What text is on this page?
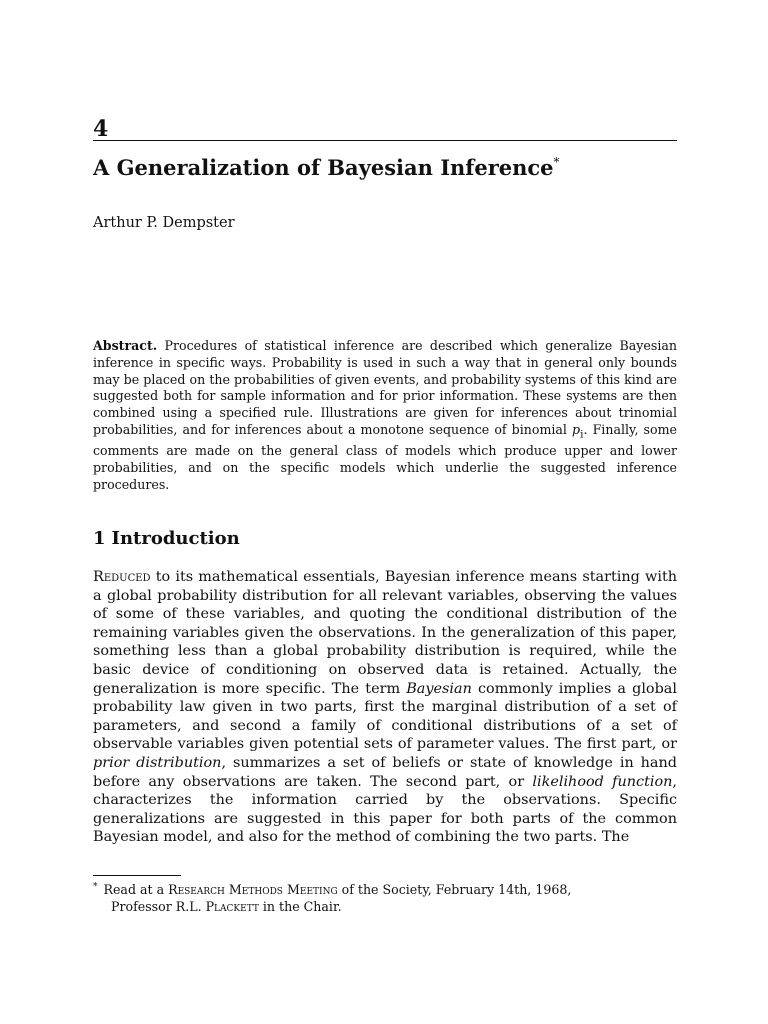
4

A Generalization of Bayesian Inference*

Arthur P. Dempster

Abstract. Procedures of statistical inference are described which generalize Bayesian inference in specific ways. Probability is used in such a way that in general only bounds may be placed on the probabilities of given events, and probability systems of this kind are suggested both for sample information and for prior information. These systems are then combined using a specified rule. Illustrations are given for inferences about trinomial probabilities, and for inferences about a monotone sequence of binomial $p_i$. Finally, some comments are made on the general class of models which produce upper and lower probabilities, and on the specific models which underlie the suggested inference procedures.

1 Introduction

Reduced to its mathematical essentials, Bayesian inference means starting with a global probability distribution for all relevant variables, observing the values of some of these variables, and quoting the conditional distribution of the remaining variables given the observations. In the generalization of this paper, something less than a global probability distribution is required, while the basic device of conditioning on observed data is retained. Actually, the generalization is more specific. The term Bayesian commonly implies a global probability law given in two parts, first the marginal distribution of a set of parameters, and second a family of conditional distributions of a set of observable variables given potential sets of parameter values. The first part, or prior distribution, summarizes a set of beliefs or state of knowledge in hand before any observations are taken. The second part, or likelihood function, characterizes the information carried by the observations. Specific generalizations are suggested in this paper for both parts of the common Bayesian model, and also for the method of combining the two parts. The

* Read at a Research Methods Meeting of the Society, February 14th, 1968,
Professor R.L. Plackett in the Chair.
